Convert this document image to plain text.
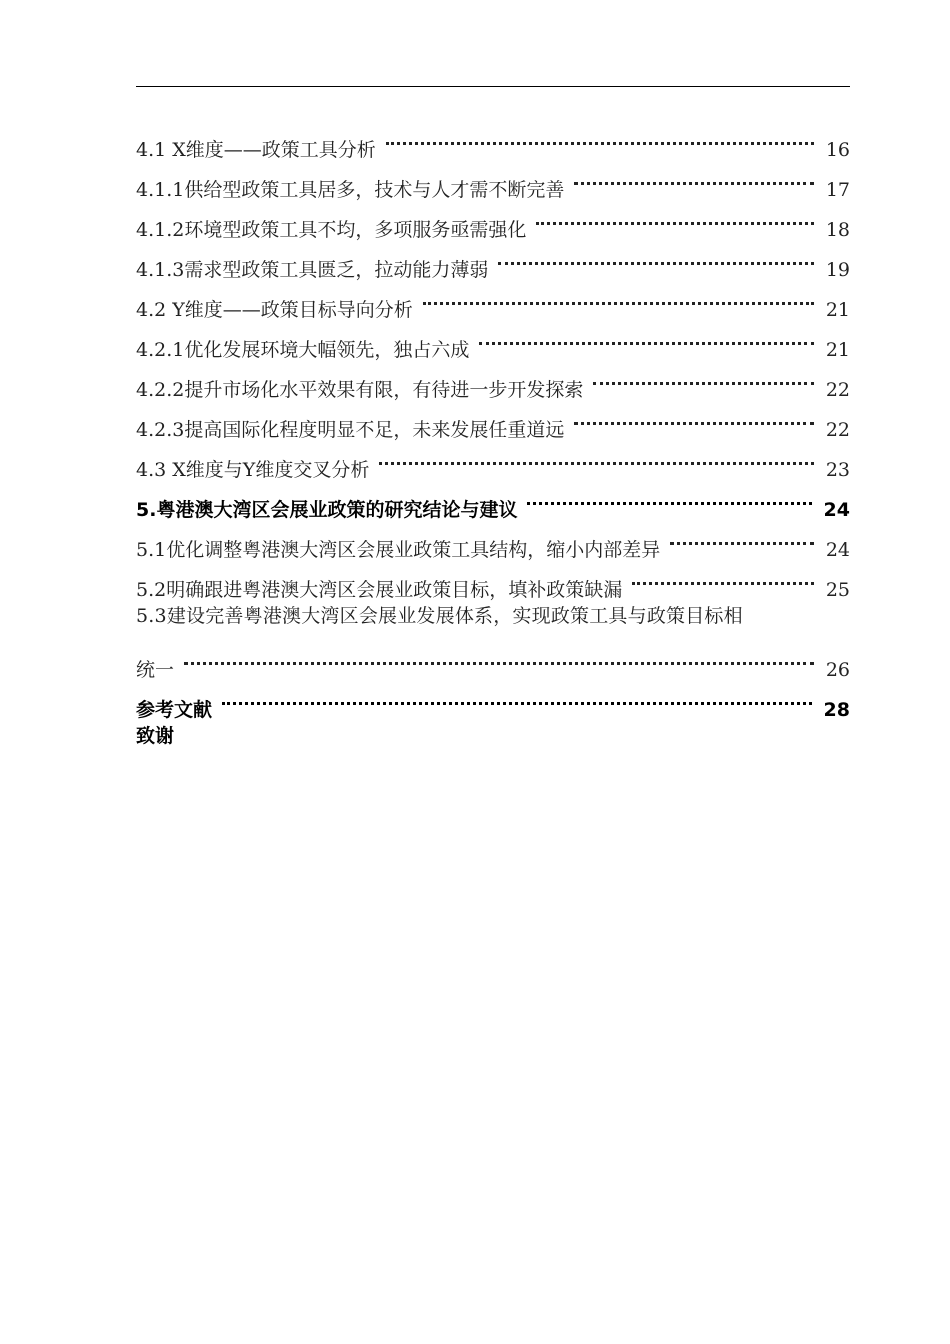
4.1 X维度——政策工具分析	16
4.1.1供给型政策工具居多，技术与人才需不断完善	17
4.1.2环境型政策工具不均，多项服务亟需强化	18
4.1.3需求型政策工具匮乏，拉动能力薄弱	19
4.2 Y维度——政策目标导向分析	21
4.2.1优化发展环境大幅领先，独占六成	21
4.2.2提升市场化水平效果有限，有待进一步开发探索	22
4.2.3提高国际化程度明显不足，未来发展任重道远	22
4.3 X维度与Y维度交叉分析	23
5.粤港澳大湾区会展业政策的研究结论与建议	24
5.1优化调整粤港澳大湾区会展业政策工具结构，缩小内部差异	24
5.2明确跟进粤港澳大湾区会展业政策目标，填补政策缺漏	25
5.3建设完善粤港澳大湾区会展业发展体系，实现政策工具与政策目标相
统一	26
参考文献	28
致谢
